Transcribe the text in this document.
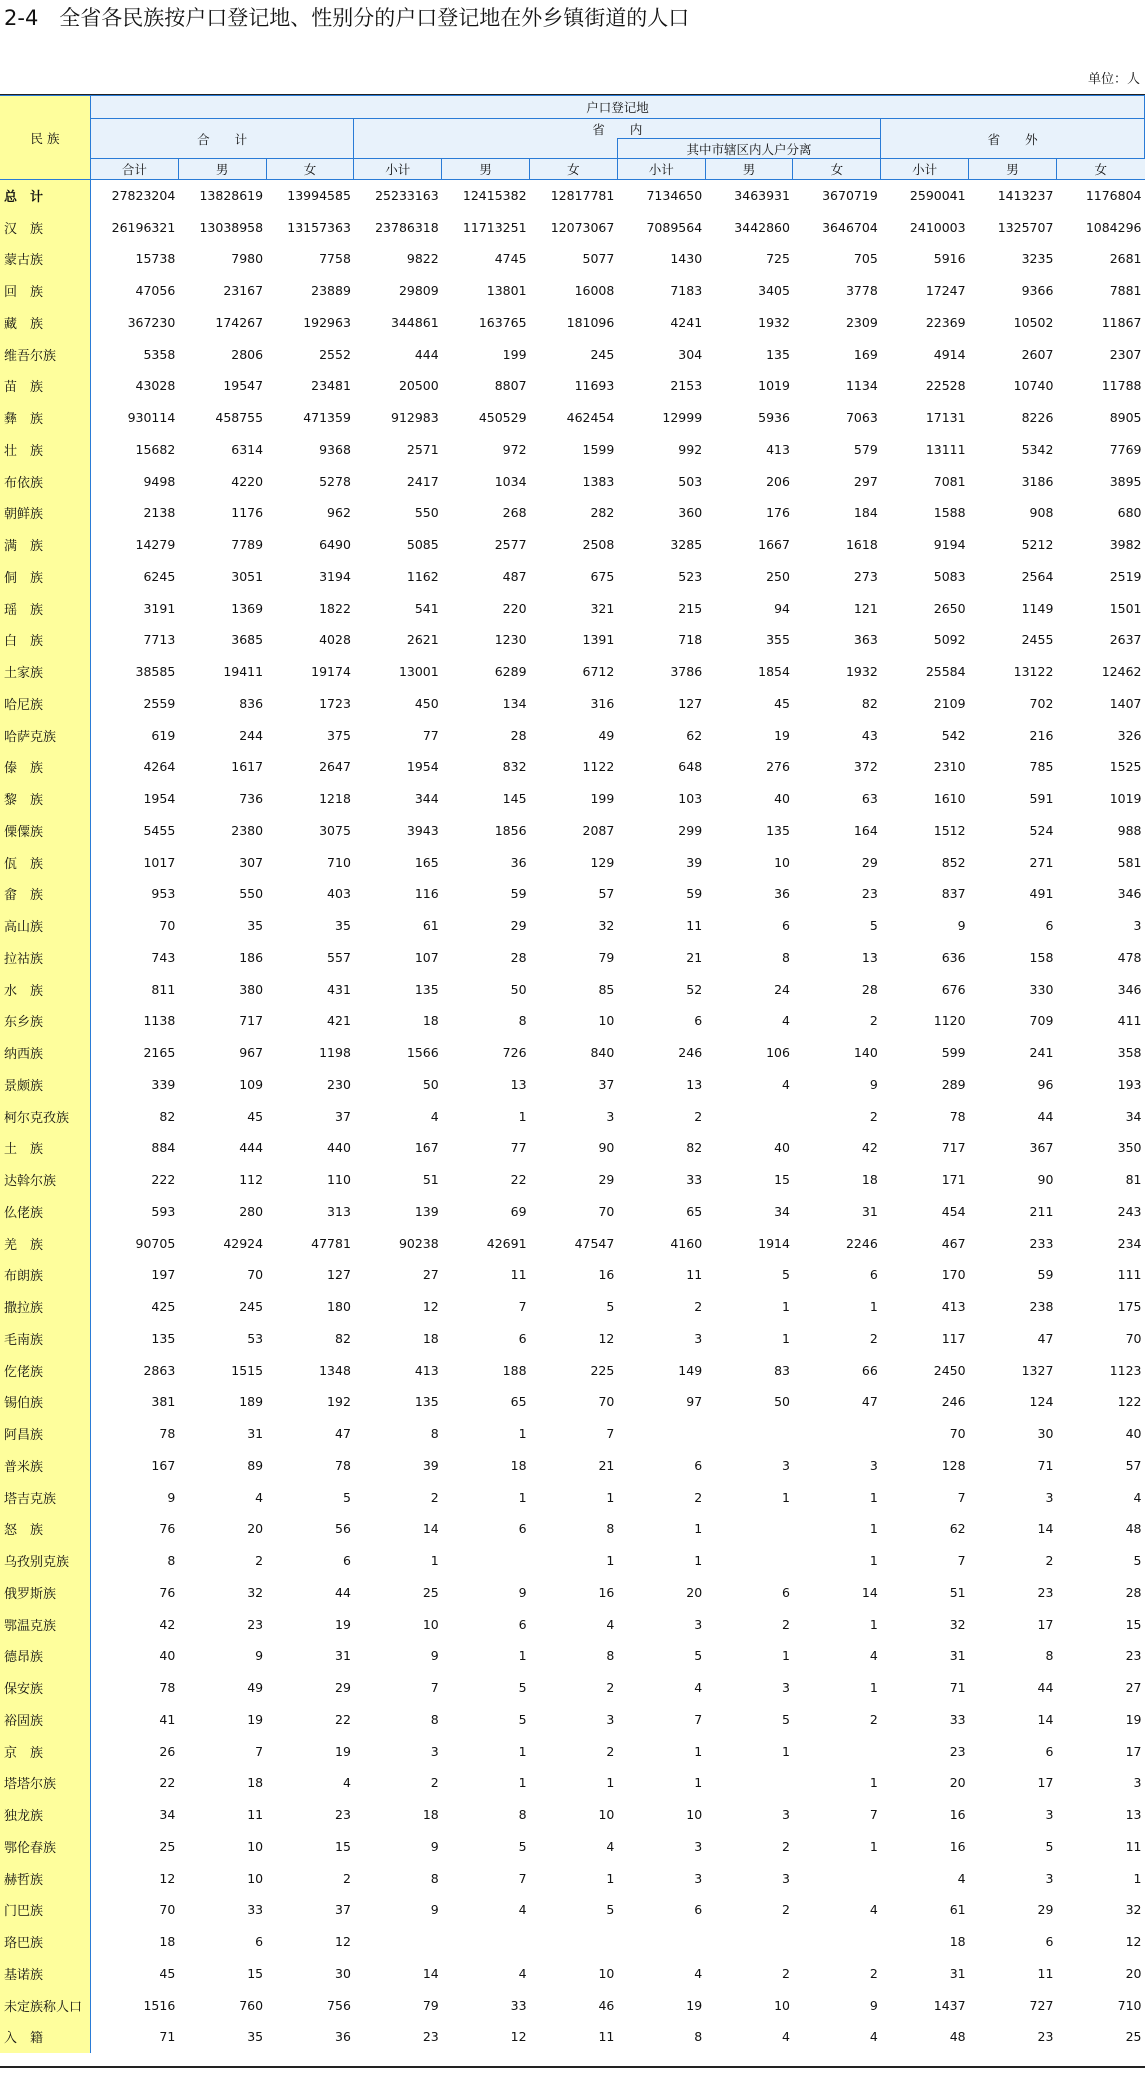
2-4　全省各民族按户口登记地、性别分的户口登记地在外乡镇街道的人口
单位：人
民 族	户口登记地											
	合　　计			省　　内						省　　外		
							其中市辖区内人户分离					
	合计	男	女	小计	男	女	小计	男	女	小计	男	女
总　计	27823204	13828619	13994585	25233163	12415382	12817781	7134650	3463931	3670719	2590041	1413237	1176804
汉　族	26196321	13038958	13157363	23786318	11713251	12073067	7089564	3442860	3646704	2410003	1325707	1084296
蒙古族	15738	7980	7758	9822	4745	5077	1430	725	705	5916	3235	2681
回　族	47056	23167	23889	29809	13801	16008	7183	3405	3778	17247	9366	7881
藏　族	367230	174267	192963	344861	163765	181096	4241	1932	2309	22369	10502	11867
维吾尔族	5358	2806	2552	444	199	245	304	135	169	4914	2607	2307
苗　族	43028	19547	23481	20500	8807	11693	2153	1019	1134	22528	10740	11788
彝　族	930114	458755	471359	912983	450529	462454	12999	5936	7063	17131	8226	8905
壮　族	15682	6314	9368	2571	972	1599	992	413	579	13111	5342	7769
布依族	9498	4220	5278	2417	1034	1383	503	206	297	7081	3186	3895
朝鲜族	2138	1176	962	550	268	282	360	176	184	1588	908	680
满　族	14279	7789	6490	5085	2577	2508	3285	1667	1618	9194	5212	3982
侗　族	6245	3051	3194	1162	487	675	523	250	273	5083	2564	2519
瑶　族	3191	1369	1822	541	220	321	215	94	121	2650	1149	1501
白　族	7713	3685	4028	2621	1230	1391	718	355	363	5092	2455	2637
土家族	38585	19411	19174	13001	6289	6712	3786	1854	1932	25584	13122	12462
哈尼族	2559	836	1723	450	134	316	127	45	82	2109	702	1407
哈萨克族	619	244	375	77	28	49	62	19	43	542	216	326
傣　族	4264	1617	2647	1954	832	1122	648	276	372	2310	785	1525
黎　族	1954	736	1218	344	145	199	103	40	63	1610	591	1019
傈僳族	5455	2380	3075	3943	1856	2087	299	135	164	1512	524	988
佤　族	1017	307	710	165	36	129	39	10	29	852	271	581
畲　族	953	550	403	116	59	57	59	36	23	837	491	346
高山族	70	35	35	61	29	32	11	6	5	9	6	3
拉祜族	743	186	557	107	28	79	21	8	13	636	158	478
水　族	811	380	431	135	50	85	52	24	28	676	330	346
东乡族	1138	717	421	18	8	10	6	4	2	1120	709	411
纳西族	2165	967	1198	1566	726	840	246	106	140	599	241	358
景颇族	339	109	230	50	13	37	13	4	9	289	96	193
柯尔克孜族	82	45	37	4	1	3	2		2	78	44	34
土　族	884	444	440	167	77	90	82	40	42	717	367	350
达斡尔族	222	112	110	51	22	29	33	15	18	171	90	81
仫佬族	593	280	313	139	69	70	65	34	31	454	211	243
羌　族	90705	42924	47781	90238	42691	47547	4160	1914	2246	467	233	234
布朗族	197	70	127	27	11	16	11	5	6	170	59	111
撒拉族	425	245	180	12	7	5	2	1	1	413	238	175
毛南族	135	53	82	18	6	12	3	1	2	117	47	70
仡佬族	2863	1515	1348	413	188	225	149	83	66	2450	1327	1123
锡伯族	381	189	192	135	65	70	97	50	47	246	124	122
阿昌族	78	31	47	8	1	7				70	30	40
普米族	167	89	78	39	18	21	6	3	3	128	71	57
塔吉克族	9	4	5	2	1	1	2	1	1	7	3	4
怒　族	76	20	56	14	6	8	1		1	62	14	48
乌孜别克族	8	2	6	1		1	1		1	7	2	5
俄罗斯族	76	32	44	25	9	16	20	6	14	51	23	28
鄂温克族	42	23	19	10	6	4	3	2	1	32	17	15
德昂族	40	9	31	9	1	8	5	1	4	31	8	23
保安族	78	49	29	7	5	2	4	3	1	71	44	27
裕固族	41	19	22	8	5	3	7	5	2	33	14	19
京　族	26	7	19	3	1	2	1	1		23	6	17
塔塔尔族	22	18	4	2	1	1	1		1	20	17	3
独龙族	34	11	23	18	8	10	10	3	7	16	3	13
鄂伦春族	25	10	15	9	5	4	3	2	1	16	5	11
赫哲族	12	10	2	8	7	1	3	3		4	3	1
门巴族	70	33	37	9	4	5	6	2	4	61	29	32
珞巴族	18	6	12							18	6	12
基诺族	45	15	30	14	4	10	4	2	2	31	11	20
未定族称人口	1516	760	756	79	33	46	19	10	9	1437	727	710
入　籍	71	35	36	23	12	11	8	4	4	48	23	25
